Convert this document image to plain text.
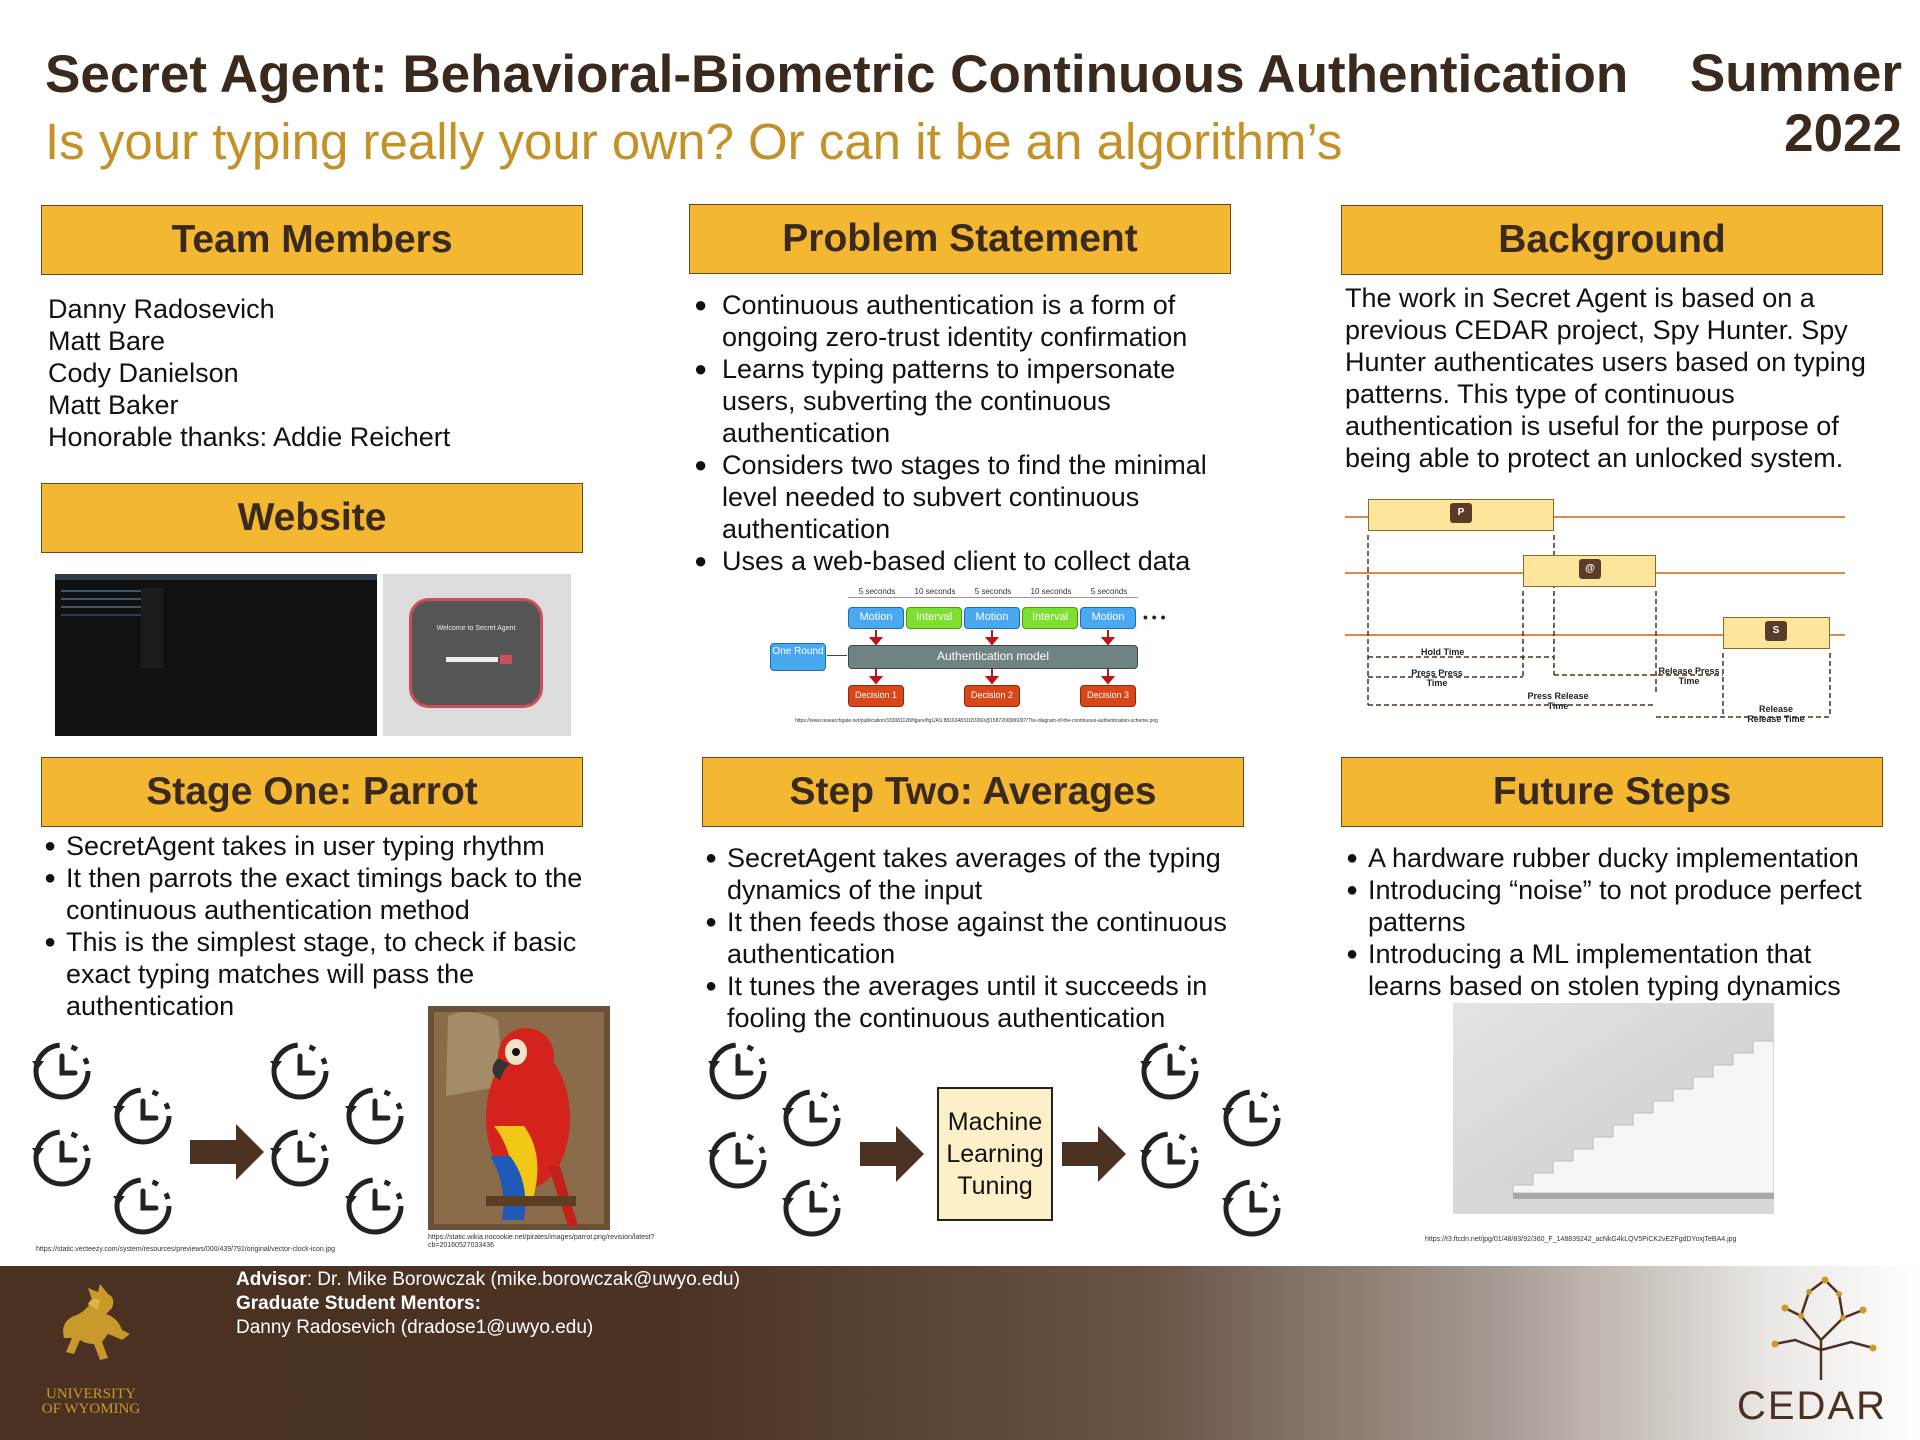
Secret Agent: Behavioral-Biometric Continuous Authentication
Is your typing really your own? Or can it be an algorithm’s
Summer
2022
Team Members
Danny Radosevich
Matt Bare
Cody Danielson
Matt Baker
Honorable thanks: Addie Reichert
Website
Welcome to Secret Agent
Stage One: Parrot
● SecretAgent takes in user typing rhythm
● It then parrots the exact timings back to the continuous authentication method
● This is the simplest stage, to check if basic exact typing matches will pass the authentication
https://static.vecteezy.com/system/resources/previews/000/439/792/original/vector-clock-icon.jpg
https://static.wikia.nocookie.net/pirates/images/parrot.png/revision/latest?cb=20160527033436
Problem Statement
● Continuous authentication is a form of ongoing zero-trust identity confirmation
● Learns typing patterns to impersonate users, subverting the continuous authentication
● Considers two stages to find the minimal level needed to subvert continuous authentication
● Uses a web-based client to collect data
5 seconds	10 seconds	5 seconds	10 seconds	5 seconds
Motion	Interval	Motion	Interval	Motion	• • •
One Round	Authentication model
Decision 1	Decision 2	Decision 3
https://www.researchgate.net/publication/333081128/figure/fig1/AS:881634831183360@1587206586097/The-diagram-of-the-continuous-authentication-scheme.png
Step Two: Averages
● SecretAgent takes averages of the typing dynamics of the input
● It then feeds those against the continuous authentication
● It tunes the averages until it succeeds in fooling the continuous authentication
Machine Learning Tuning
Background
The work in Secret Agent is based on a previous CEDAR project, Spy Hunter. Spy Hunter authenticates users based on typing patterns. This type of continuous authentication is useful for the purpose of being able to protect an unlocked system.
P
@
S
Hold Time
Press Press Time
Press Release Time
Release Press Time
Release Release Time
Future Steps
● A hardware rubber ducky implementation
● Introducing “noise” to not produce perfect patterns
● Introducing a ML implementation that learns based on stolen typing dynamics
https://t3.ftcdn.net/jpg/01/48/83/92/360_F_148839242_acNkG4kLQV5PiCK2vEZFgdDYoxjTeBA4.jpg
UNIVERSITY
OF WYOMING
Advisor: Dr. Mike Borowczak (mike.borowczak@uwyo.edu)
Graduate Student Mentors:
Danny Radosevich (dradose1@uwyo.edu)
CEDAR
